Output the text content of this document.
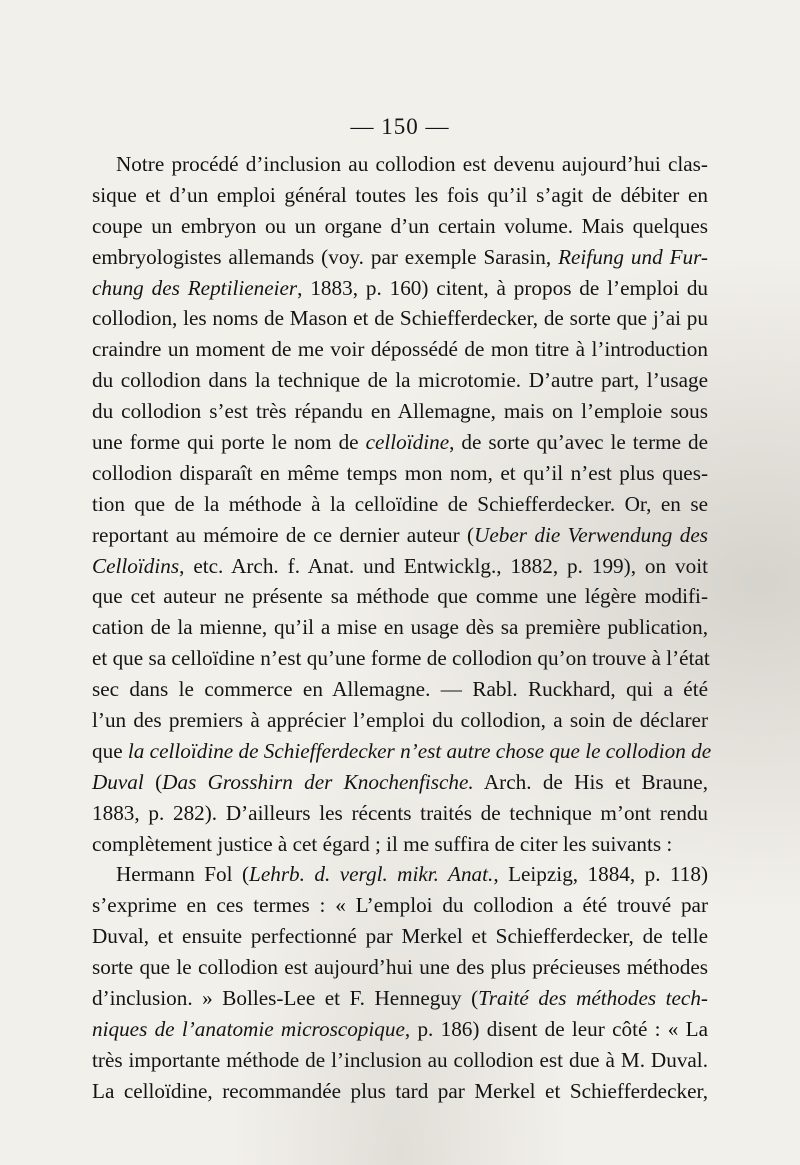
— 150 —
Notre procédé d’inclusion au collodion est devenu aujourd’hui clas-
sique et d’un emploi général toutes les fois qu’il s’agit de débiter en
coupe un embryon ou un organe d’un certain volume. Mais quelques
embryologistes allemands (voy. par exemple Sarasin, Reifung und Fur-
chung des Reptilieneier, 1883, p. 160) citent, à propos de l’emploi du
collodion, les noms de Mason et de Schiefferdecker, de sorte que j’ai pu
craindre un moment de me voir dépossédé de mon titre à l’introduction
du collodion dans la technique de la microtomie. D’autre part, l’usage
du collodion s’est très répandu en Allemagne, mais on l’emploie sous
une forme qui porte le nom de celloïdine, de sorte qu’avec le terme de
collodion disparaît en même temps mon nom, et qu’il n’est plus ques-
tion que de la méthode à la celloïdine de Schiefferdecker. Or, en se
reportant au mémoire de ce dernier auteur (Ueber die Verwendung des
Celloïdins, etc. Arch. f. Anat. und Entwicklg., 1882, p. 199), on voit
que cet auteur ne présente sa méthode que comme une légère modifi-
cation de la mienne, qu’il a mise en usage dès sa première publication,
et que sa celloïdine n’est qu’une forme de collodion qu’on trouve à l’état
sec dans le commerce en Allemagne. — Rabl. Ruckhard, qui a été
l’un des premiers à apprécier l’emploi du collodion, a soin de déclarer
que la celloïdine de Schiefferdecker n’est autre chose que le collodion de
Duval (Das Grosshirn der Knochenfische. Arch. de His et Braune,
1883, p. 282). D’ailleurs les récents traités de technique m’ont rendu
complètement justice à cet égard ; il me suffira de citer les suivants :
Hermann Fol (Lehrb. d. vergl. mikr. Anat., Leipzig, 1884, p. 118)
s’exprime en ces termes : « L’emploi du collodion a été trouvé par
Duval, et ensuite perfectionné par Merkel et Schiefferdecker, de telle
sorte que le collodion est aujourd’hui une des plus précieuses méthodes
d’inclusion. » Bolles-Lee et F. Henneguy (Traité des méthodes tech-
niques de l’anatomie microscopique, p. 186) disent de leur côté : « La
très importante méthode de l’inclusion au collodion est due à M. Duval.
La celloïdine, recommandée plus tard par Merkel et Schiefferdecker,
